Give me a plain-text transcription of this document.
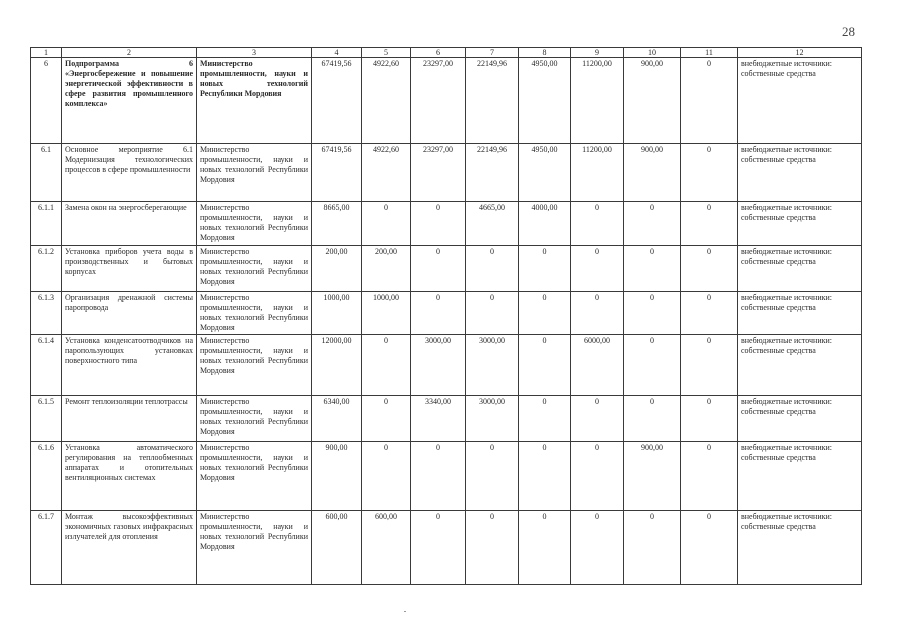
28
1	2	3	4	5	6	7	8	9	10	11	12
6	Подпрограмма 6 «Энергосбережение и повышение энергетической эффективности в сфере развития промышленного комплекса»	Министерство промышленности, науки и новых технологий Республики Мордовия	67419,56	4922,60	23297,00	22149,96	4950,00	11200,00	900,00	0	внебюджетные источники: собственные средства
6.1	Основное мероприятие 6.1 Модернизация технологических процессов в сфере промышленности	Министерство промышленности, науки и новых технологий Республики Мордовия	67419,56	4922,60	23297,00	22149,96	4950,00	11200,00	900,00	0	внебюджетные источники: собственные средства
6.1.1	Замена окон на энергосберегающие	Министерство промышленности, науки и новых технологий Республики Мордовия	8665,00	0	0	4665,00	4000,00	0	0	0	внебюджетные источники: собственные средства
6.1.2	Установка приборов учета воды в производственных и бытовых корпусах	Министерство промышленности, науки и новых технологий Республики Мордовия	200,00	200,00	0	0	0	0	0	0	внебюджетные источники: собственные средства
6.1.3	Организация дренажной системы паропровода	Министерство промышленности, науки и новых технологий Республики Мордовия	1000,00	1000,00	0	0	0	0	0	0	внебюджетные источники: собственные средства
6.1.4	Установка конденсатоотводчиков на паропользующих установках поверхностного типа	Министерство промышленности, науки и новых технологий Республики Мордовия	12000,00	0	3000,00	3000,00	0	6000,00	0	0	внебюджетные источники: собственные средства
6.1.5	Ремонт теплоизоляции теплотрассы	Министерство промышленности, науки и новых технологий Республики Мордовия	6340,00	0	3340,00	3000,00	0	0	0	0	внебюджетные источники: собственные средства
6.1.6	Установка автоматического регулирования на теплообменных аппаратах и отопительных вентиляционных системах	Министерство промышленности, науки и новых технологий Республики Мордовия	900,00	0	0	0	0	0	900,00	0	внебюджетные источники: собственные средства
6.1.7	Монтаж высокоэффективных экономичных газовых инфракрасных излучателей для отопления	Министерство промышленности, науки и новых технологий Республики Мордовия	600,00	600,00	0	0	0	0	0	0	внебюджетные источники: собственные средства
